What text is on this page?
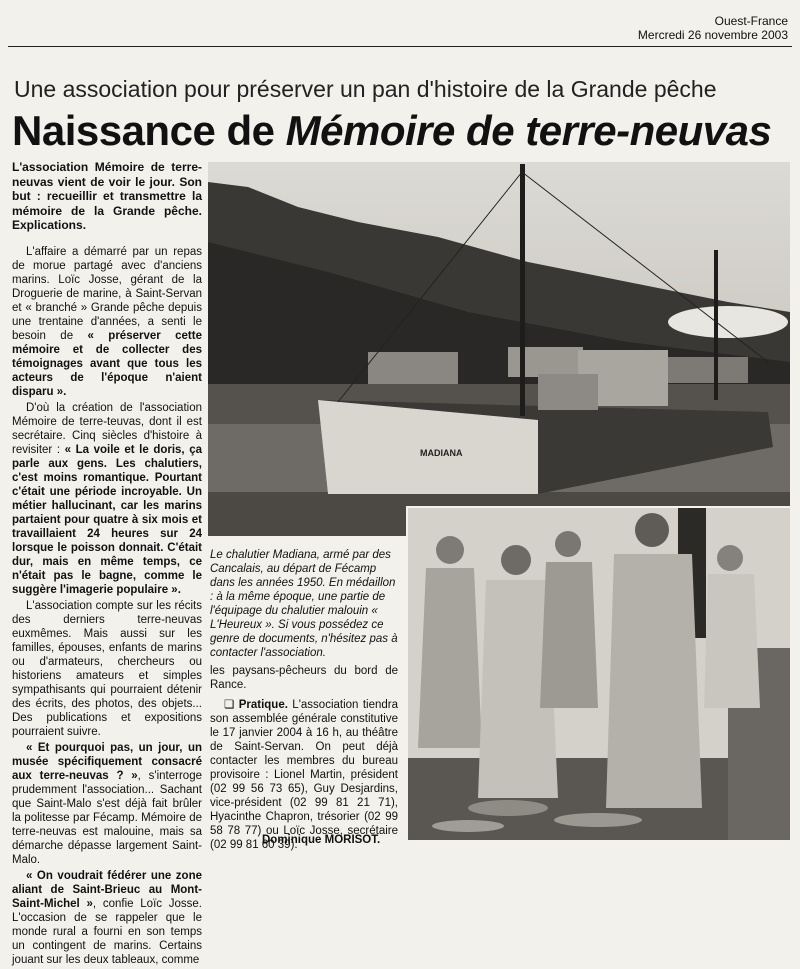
Ouest-France
Mercredi 26 novembre 2003
Une association pour préserver un pan d'histoire de la Grande pêche
Naissance de Mémoire de terre-neuvas

L'association Mémoire de terre-neuvas vient de voir le jour. Son but : recueillir et transmettre la mémoire de la Grande pêche. Explications.

L'affaire a démarré par un repas de morue partagé avec d'anciens marins. Loïc Josse, gérant de la Droguerie de marine, à Saint-Servan et « branché » Grande pêche depuis une trentaine d'années, a senti le besoin de « préserver cette mémoire et de collecter des témoignages avant que tous les acteurs de l'époque n'aient disparu ».

D'où la création de l'association Mémoire de terre-teuvas, dont il est secrétaire. Cinq siècles d'histoire à revisiter : « La voile et le doris, ça parle aux gens. Les chalutiers, c'est moins romantique. Pourtant c'était une période incroyable. Un métier hallucinant, car les marins partaient pour quatre à six mois et travaillaient 24 heures sur 24 lorsque le poisson donnait. C'était dur, mais en même temps, ce n'était pas le bagne, comme le suggère l'imagerie populaire ».

L'association compte sur les récits des derniers terre-neuvas euxmêmes. Mais aussi sur les familles, épouses, enfants de marins ou d'armateurs, chercheurs ou historiens amateurs et simples sympathisants qui pourraient détenir des écrits, des photos, des objets... Des publications et expositions pourraient suivre.

« Et pourquoi pas, un jour, un musée spécifiquement consacré aux terre-neuvas ? », s'interroge prudemment l'association... Sachant que Saint-Malo s'est déjà fait brûler la politesse par Fécamp. Mémoire de terre-neuvas est malouine, mais sa démarche dépasse largement Saint-Malo.

« On voudrait fédérer une zone aliant de Saint-Brieuc au Mont-Saint-Michel », confie Loïc Josse. L'occasion de se rappeler que le monde rural a fourni en son temps un contingent de marins. Certains jouant sur les deux tableaux, comme

MADIANA
Le chalutier Madiana, armé par des Cancalais, au départ de Fécamp dans les années 1950. En médaillon : à la même époque, une partie de l'équipage du chalutier malouin « L'Heureux ». Si vous possédez ce genre de documents, n'hésitez pas à contacter l'association.

les paysans-pêcheurs du bord de Rance.

❏ Pratique. L'association tiendra son assemblée générale constitutive le 17 janvier 2004 à 16 h, au théâtre de Saint-Servan. On peut déjà contacter les membres du bureau provisoire : Lionel Martin, président (02 99 56 73 65), Guy Desjardins, vice-président (02 99 81 21 71), Hyacinthe Chapron, trésorier (02 99 58 78 77) ou Loïc Josse, secrétaire (02 99 81 60 39).

Dominique MORISOT.
